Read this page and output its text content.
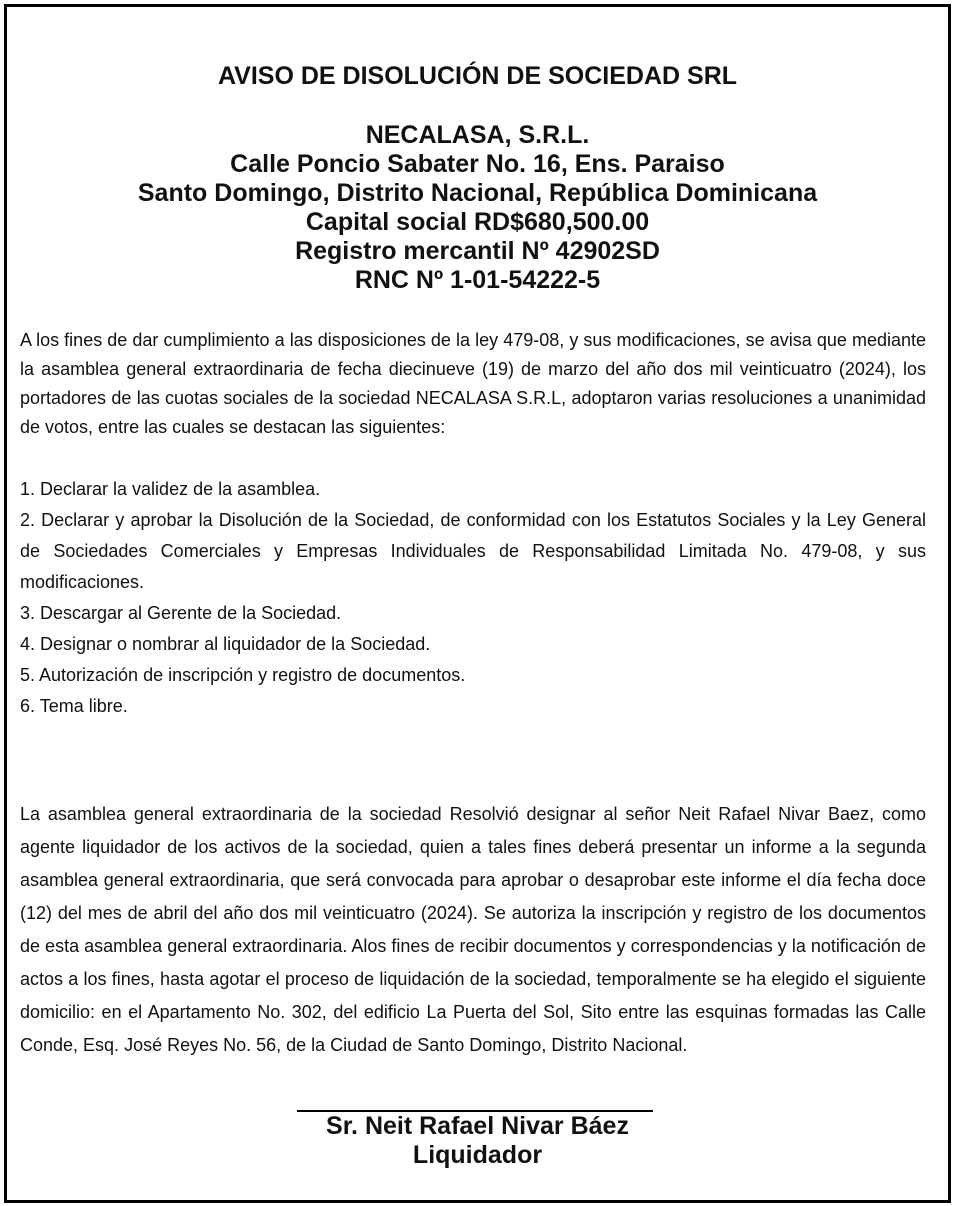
AVISO DE DISOLUCIÓN DE SOCIEDAD SRL
NECALASA, S.R.L.
Calle Poncio Sabater No. 16, Ens. Paraiso
Santo Domingo, Distrito Nacional, República Dominicana
Capital social RD$680,500.00
Registro mercantil Nº 42902SD
RNC Nº 1-01-54222-5
A los fines de dar cumplimiento a las disposiciones de la ley 479-08, y sus modificaciones, se avisa que mediante la asamblea general extraordinaria de fecha diecinueve (19) de marzo del año dos mil veinticuatro (2024), los portadores de las cuotas sociales de la sociedad NECALASA S.R.L, adoptaron varias resoluciones a unanimidad de votos, entre las cuales se destacan las siguientes:
1. Declarar la validez de la asamblea.
2. Declarar y aprobar la Disolución de la Sociedad, de conformidad con los Estatutos Sociales y la Ley General de Sociedades Comerciales y Empresas Individuales de Responsabilidad Limitada No. 479-08, y sus modificaciones.
3. Descargar al Gerente de la Sociedad.
4. Designar o nombrar al liquidador de la Sociedad.
5. Autorización de inscripción y registro de documentos.
6. Tema libre.
La asamblea general extraordinaria de la sociedad Resolvió designar al señor Neit Rafael Nivar Baez, como agente liquidador de los activos de la sociedad, quien a tales fines deberá presentar un informe a la segunda asamblea general extraordinaria, que será convocada para aprobar o desaprobar este informe el día fecha doce (12) del mes de abril del año dos mil veinticuatro (2024). Se autoriza la inscripción y registro de los documentos de esta asamblea general extraordinaria. Alos fines de recibir documentos y correspondencias y la notificación de actos a los fines, hasta agotar el proceso de liquidación de la sociedad, temporalmente se ha elegido el siguiente domicilio: en el Apartamento No. 302, del edificio La Puerta del Sol, Sito entre las esquinas formadas las Calle Conde, Esq. José Reyes No. 56, de la Ciudad de Santo Domingo, Distrito Nacional.
Sr. Neit Rafael Nivar Báez
Liquidador
